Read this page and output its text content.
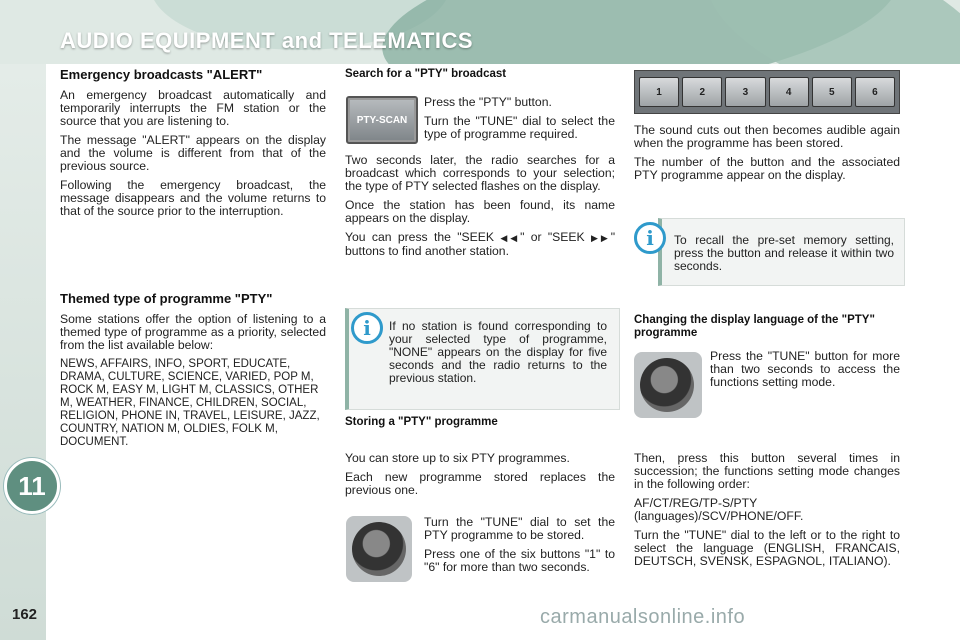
AUDIO EQUIPMENT and TELEMATICS
11
162
Emergency broadcasts "ALERT"

An emergency broadcast automatically and temporarily interrupts the FM station or the source that you are listening to.

The message "ALERT" appears on the display and the volume is different from that of the previous source.

Following the emergency broadcast, the message disappears and the volume returns to that of the source prior to the interruption.

Themed type of programme "PTY"

Some stations offer the option of listening to a themed type of programme as a priority, selected from the list available below:

NEWS, AFFAIRS, INFO, SPORT, EDUCATE, DRAMA, CULTURE, SCIENCE, VARIED, POP M, ROCK M, EASY M, LIGHT M, CLASSICS, OTHER M, WEATHER, FINANCE, CHILDREN, SOCIAL, RELIGION, PHONE IN, TRAVEL, LEISURE, JAZZ, COUNTRY, NATION M, OLDIES, FOLK M, DOCUMENT.

Search for a "PTY" broadcast
PTY-SCAN

Press the "PTY" button.

Turn the "TUNE" dial to select the type of programme required.

Two seconds later, the radio searches for a broadcast which corresponds to your selection; the type of PTY selected flashes on the display.

Once the station has been found, its name appears on the display.

You can press the "SEEK ◀◀" or "SEEK ▶▶" buttons to find another station.

If no station is found corresponding to your selected type of programme, "NONE" appears on the display for five seconds and the radio returns to the previous station.

i
Storing a "PTY" programme

You can store up to six PTY programmes.

Each new programme stored replaces the previous one.

Turn the "TUNE" dial to set the PTY programme to be stored.

Press one of the six buttons "1" to "6" for more than two seconds.

1	2	3	4	5	6

The sound cuts out then becomes audible again when the programme has been stored.

The number of the button and the associated PTY programme appear on the display.

To recall the pre-set memory setting, press the button and release it within two seconds.

i
Changing the display language of the "PTY" programme

Press the "TUNE" button for more than two seconds to access the functions setting mode.

Then, press this button several times in succession; the functions setting mode changes in the following order:

AF/CT/REG/TP-S/PTY (languages)/SCV/PHONE/OFF.

Turn the "TUNE" dial to the left or to the right to select the language (ENGLISH, FRANCAIS, DEUTSCH, SVENSK, ESPAGNOL, ITALIANO).

carmanualsonline.info
